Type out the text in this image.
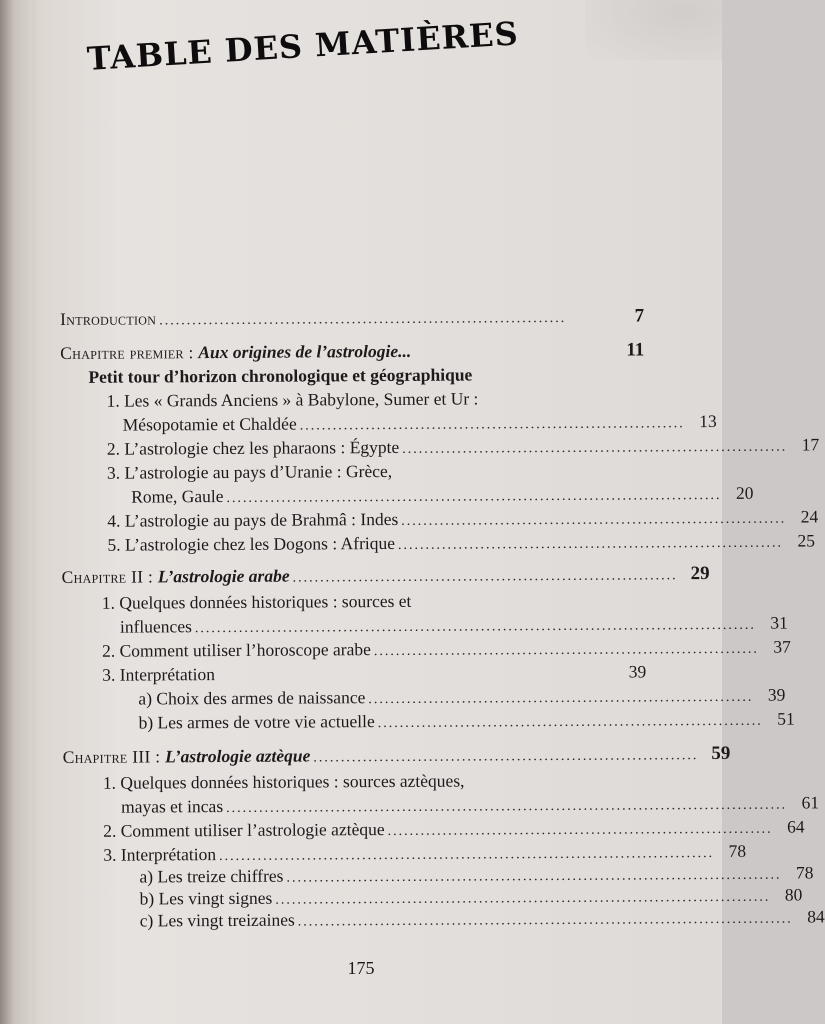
TABLE DES MATIÈRES
Introduction ..........................................................................	7
Chapitre premier : Aux origines de l’astrologie...	11
Petit tour d’horizon chronologique et géographique
1. Les « Grands Anciens » à Babylone, Sumer et Ur :
Mésopotamie et Chaldée ...................................................................... 13
2. L’astrologie chez les pharaons : Égypte ...................................................................... 17
3. L’astrologie au pays d’Uranie : Grèce,
Rome, Gaule .......................................................................................... 20
4. L’astrologie au pays de Brahmâ : Indes ...................................................................... 24
5. L’astrologie chez les Dogons : Afrique ...................................................................... 25
Chapitre II : L’astrologie arabe ...................................................................... 29
1. Quelques données historiques : sources et
influences ...................................................................................................... 31
2. Comment utiliser l’horoscope arabe ...................................................................... 37
3. Interprétation	39
a) Choix des armes de naissance ...................................................................... 39
b) Les armes de votre vie actuelle ...................................................................... 51
Chapitre III : L’astrologie aztèque ...................................................................... 59
1. Quelques données historiques : sources aztèques,
mayas et incas ...................................................................................................... 61
2. Comment utiliser l’astrologie aztèque ...................................................................... 64
3. Interprétation .......................................................................................... 78
a) Les treize chiffres .......................................................................................... 78
b) Les vingt signes .......................................................................................... 80
c) Les vingt treizaines .......................................................................................... 84
175
